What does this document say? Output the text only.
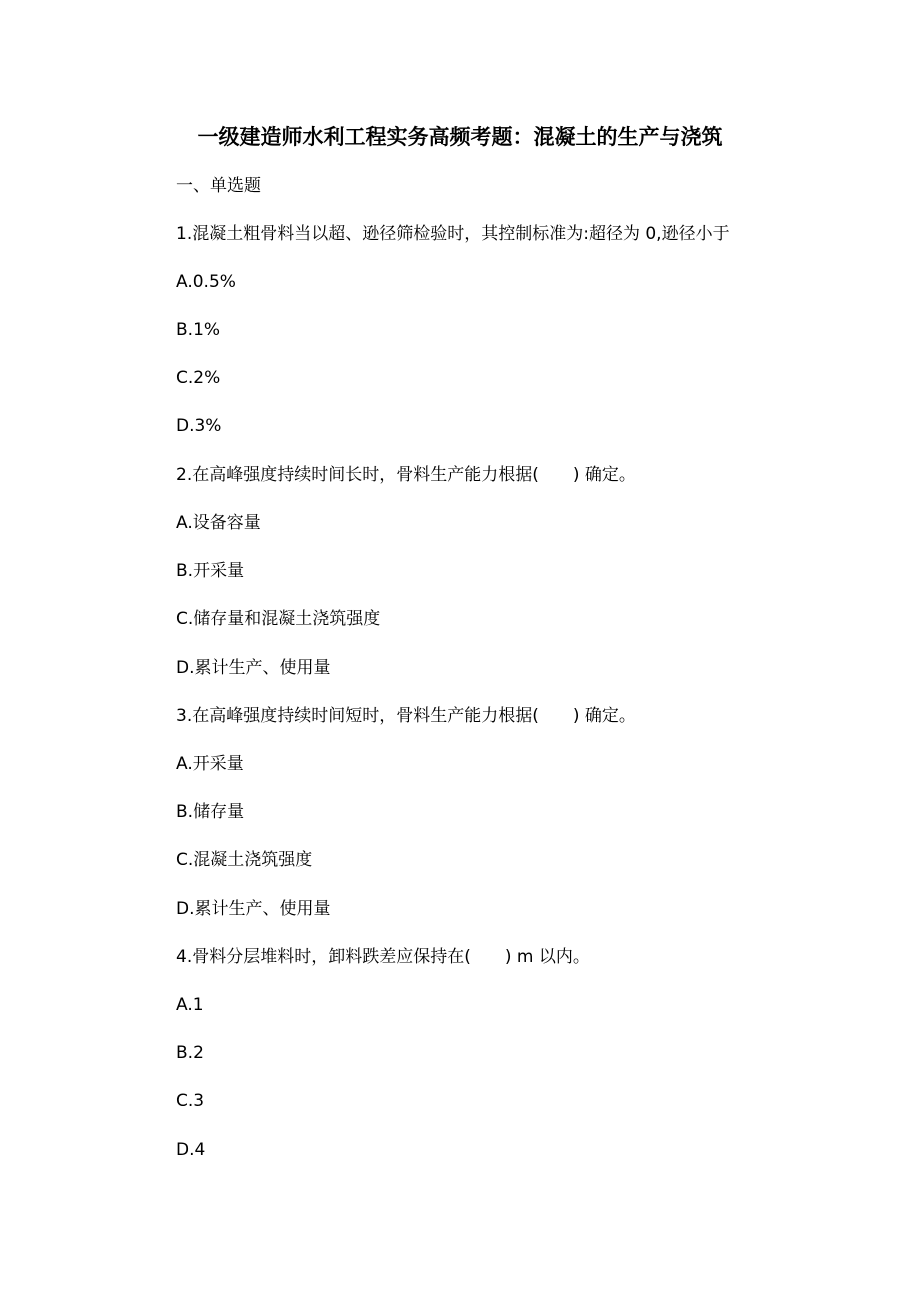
一级建造师水利工程实务高频考题：混凝土的生产与浇筑
一、单选题
1.混凝土粗骨料当以超、逊径筛检验时，其控制标准为:超径为 0,逊径小于
A.0.5%
B.1%
C.2%
D.3%
2.在高峰强度持续时间长时，骨料生产能力根据(　　) 确定。
A.设备容量
B.开采量
C.储存量和混凝土浇筑强度
D.累计生产、使用量
3.在高峰强度持续时间短时，骨料生产能力根据(　　) 确定。
A.开采量
B.储存量
C.混凝土浇筑强度
D.累计生产、使用量
4.骨料分层堆料时，卸料跌差应保持在(　　) m 以内。
A.1
B.2
C.3
D.4
